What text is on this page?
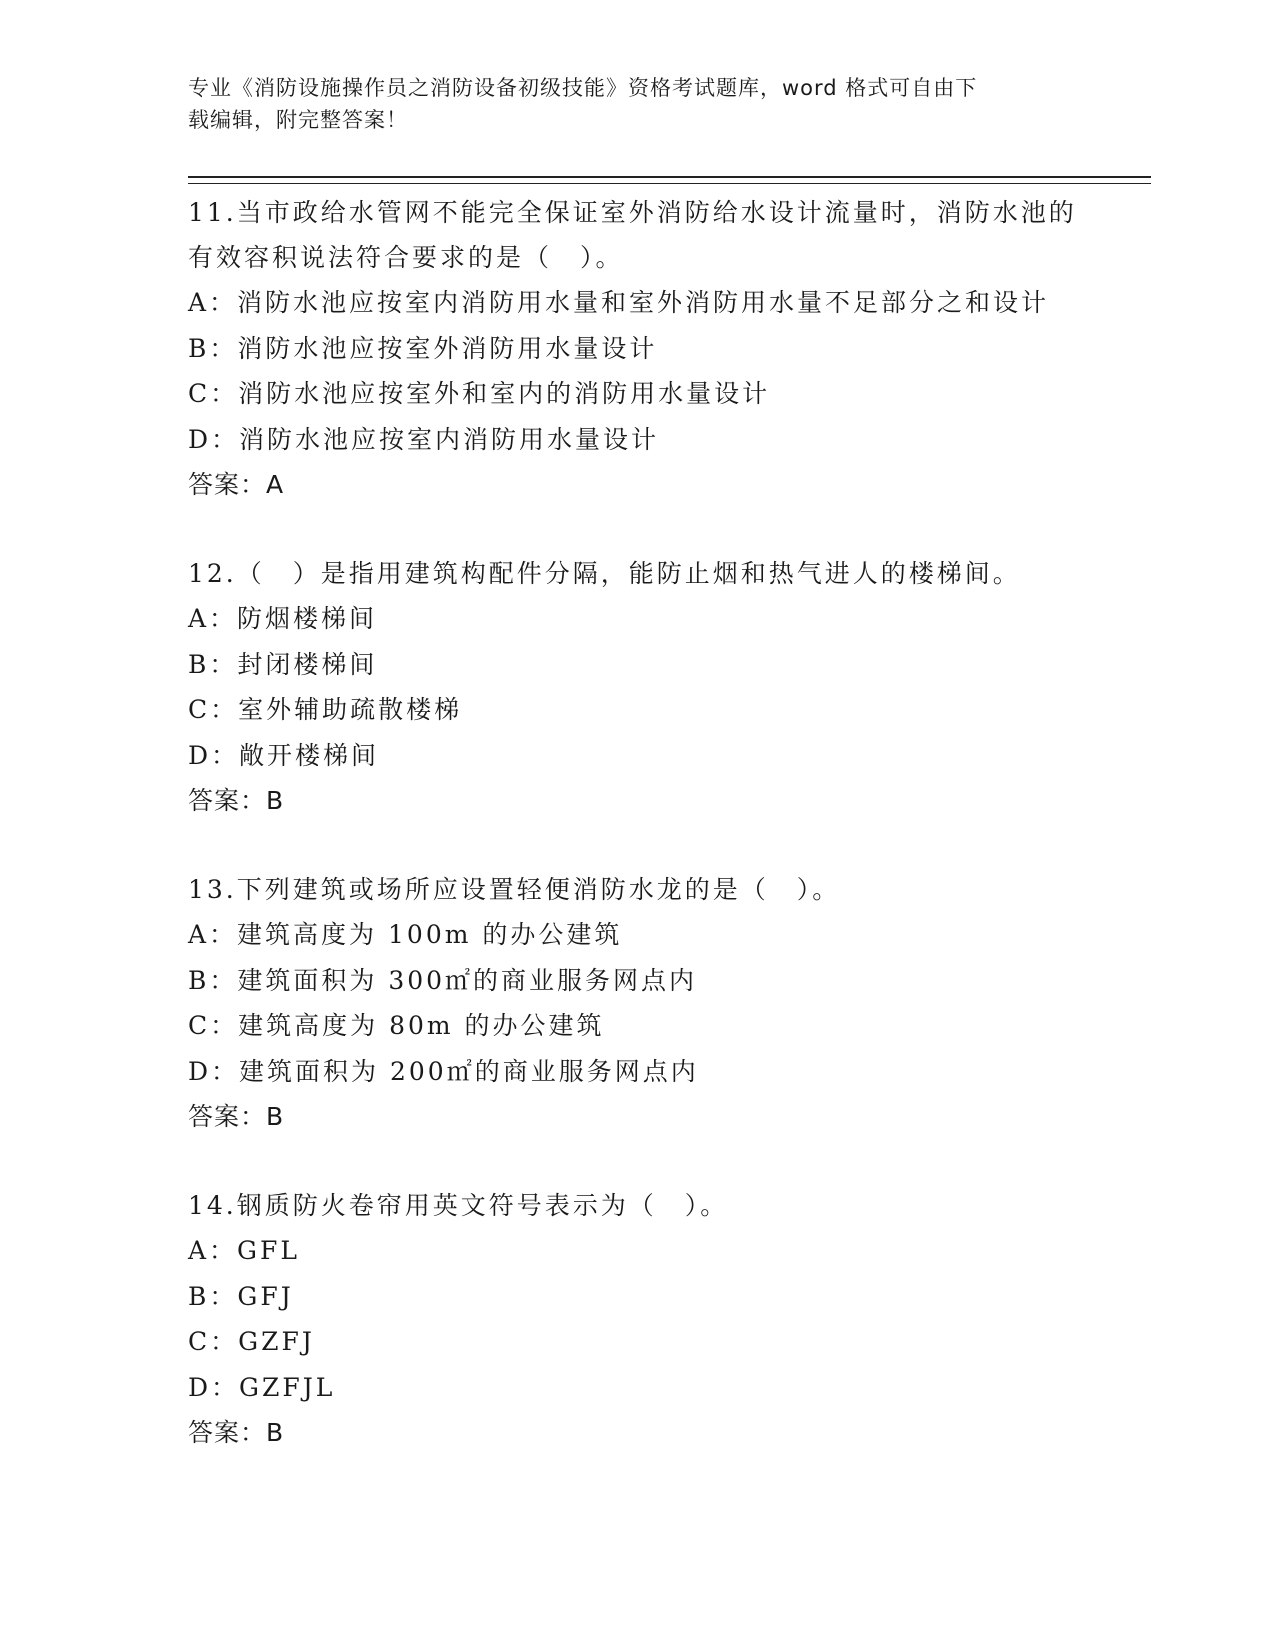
专业《消防设施操作员之消防设备初级技能》资格考试题库，word 格式可自由下
载编辑，附完整答案！
11.当市政给水管网不能完全保证室外消防给水设计流量时，消防水池的有效容积说法符合要求的是（　）。
A：消防水池应按室内消防用水量和室外消防用水量不足部分之和设计
B：消防水池应按室外消防用水量设计
C：消防水池应按室外和室内的消防用水量设计
D：消防水池应按室内消防用水量设计
答案：A
12.（　）是指用建筑构配件分隔，能防止烟和热气进人的楼梯间。
A：防烟楼梯间
B：封闭楼梯间
C：室外辅助疏散楼梯
D：敞开楼梯间
答案：B
13.下列建筑或场所应设置轻便消防水龙的是（　）。
A：建筑高度为 100m 的办公建筑
B：建筑面积为 300㎡的商业服务网点内
C：建筑高度为 80m 的办公建筑
D：建筑面积为 200㎡的商业服务网点内
答案：B
14.钢质防火卷帘用英文符号表示为（　）。
A：GFL
B：GFJ
C：GZFJ
D：GZFJL
答案：B
